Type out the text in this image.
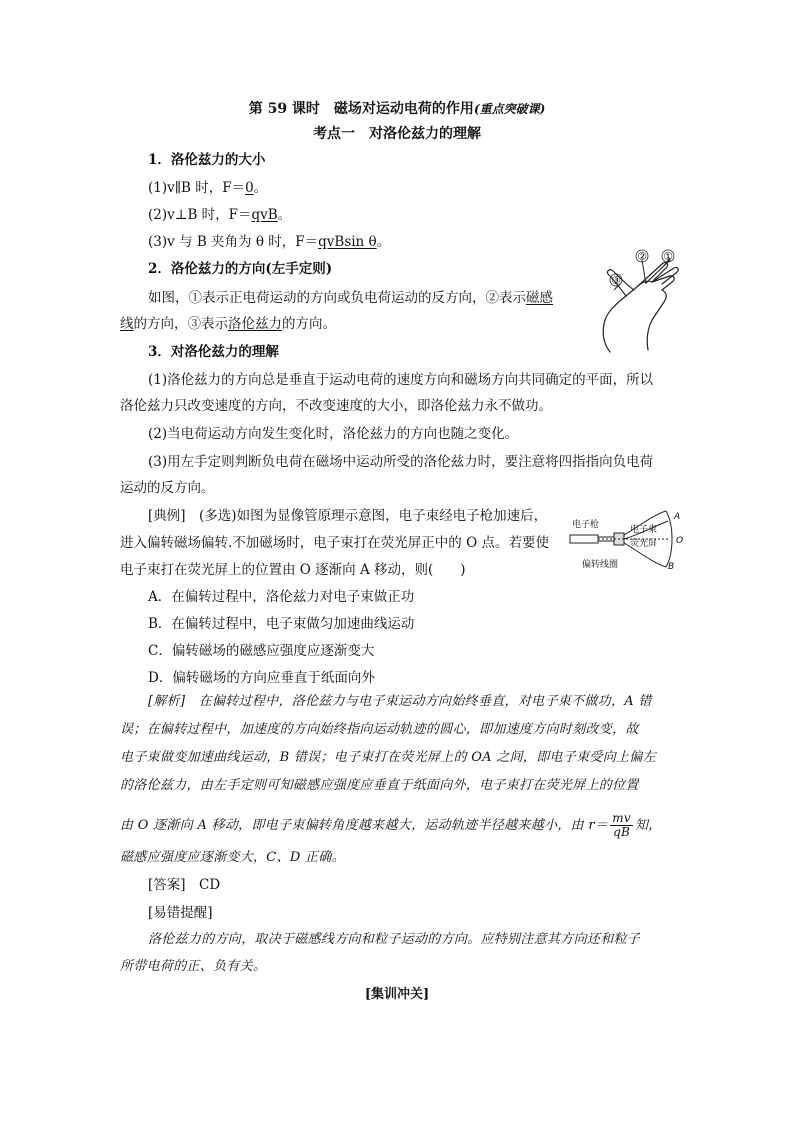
第 59 课时　磁场对运动电荷的作用(重点突破课)
考点一　对洛伦兹力的理解
1．洛伦兹力的大小
(1)v∥B 时，F＝0。
(2)v⊥B 时，F＝qvB。
(3)v 与 B 夹角为 θ 时，F＝qvBsin θ。
2．洛伦兹力的方向(左手定则)
如图，①表示正电荷运动的方向或负电荷运动的反方向，②表示磁感
线的方向，③表示洛伦兹力的方向。
①
②
③
3．对洛伦兹力的理解
(1)洛伦兹力的方向总是垂直于运动电荷的速度方向和磁场方向共同确定的平面，所以
洛伦兹力只改变速度的方向，不改变速度的大小，即洛伦兹力永不做功。
(2)当电荷运动方向发生变化时，洛伦兹力的方向也随之变化。
(3)用左手定则判断负电荷在磁场中运动所受的洛伦兹力时，要注意将四指指向负电荷
运动的反方向。
[典例]　(多选)如图为显像管原理示意图，电子束经电子枪加速后，
进入偏转磁场偏转.不加磁场时，电子束打在荧光屏正中的 O 点。若要使
电子束打在荧光屏上的位置由 O 逐渐向 A 移动，则(　　)
电子枪	电子束
荧光屏
偏转线圈
A
O
B
A．在偏转过程中，洛伦兹力对电子束做正功
B．在偏转过程中，电子束做匀加速曲线运动
C．偏转磁场的磁感应强度应逐渐变大
D．偏转磁场的方向应垂直于纸面向外
[解析]　在偏转过程中，洛伦兹力与电子束运动方向始终垂直，对电子束不做功，A 错
误；在偏转过程中，加速度的方向始终指向运动轨迹的圆心，即加速度方向时刻改变，故
电子束做变加速曲线运动，B 错误；电子束打在荧光屏上的 OA 之间，即电子束受向上偏左
的洛伦兹力，由左手定则可知磁感应强度应垂直于纸面向外，电子束打在荧光屏上的位置
由 O 逐渐向 A 移动，即电子束偏转角度越来越大，运动轨迹半径越来越小，由 $r= \frac{mv}{qB}$ 知，
磁感应强度应逐渐变大，C、D 正确。
[答案]　CD
[易错提醒]
洛伦兹力的方向，取决于磁感线方向和粒子运动的方向。应特别注意其方向还和粒子
所带电荷的正、负有关。
[集训冲关]
